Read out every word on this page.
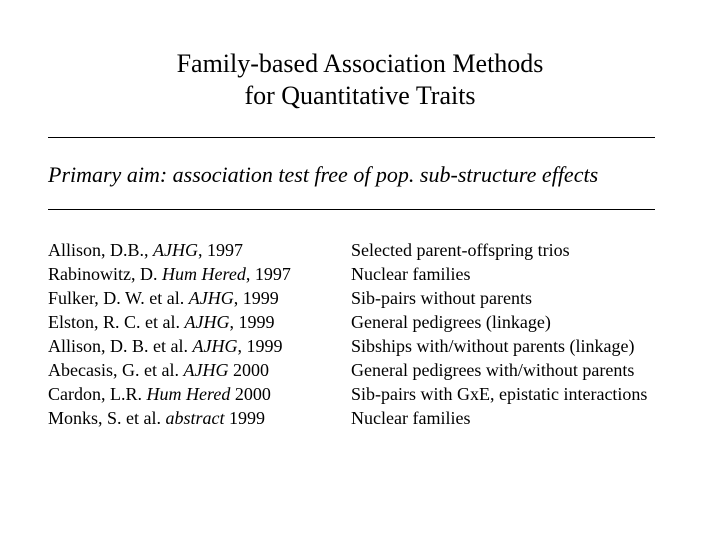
Family-based Association Methods
for Quantitative Traits
Primary aim: association test free of pop. sub-structure effects
Allison, D.B., AJHG, 1997
Rabinowitz, D. Hum Hered, 1997
Fulker, D. W. et al. AJHG, 1999
Elston, R. C. et al. AJHG, 1999
Allison, D. B. et al. AJHG, 1999
Abecasis, G. et al. AJHG 2000
Cardon, L.R. Hum Hered 2000
Monks, S. et al. abstract 1999
Selected parent-offspring trios
Nuclear families
Sib-pairs without parents
General pedigrees (linkage)
Sibships with/without parents (linkage)
General pedigrees with/without parents
Sib-pairs with GxE, epistatic interactions
Nuclear families
